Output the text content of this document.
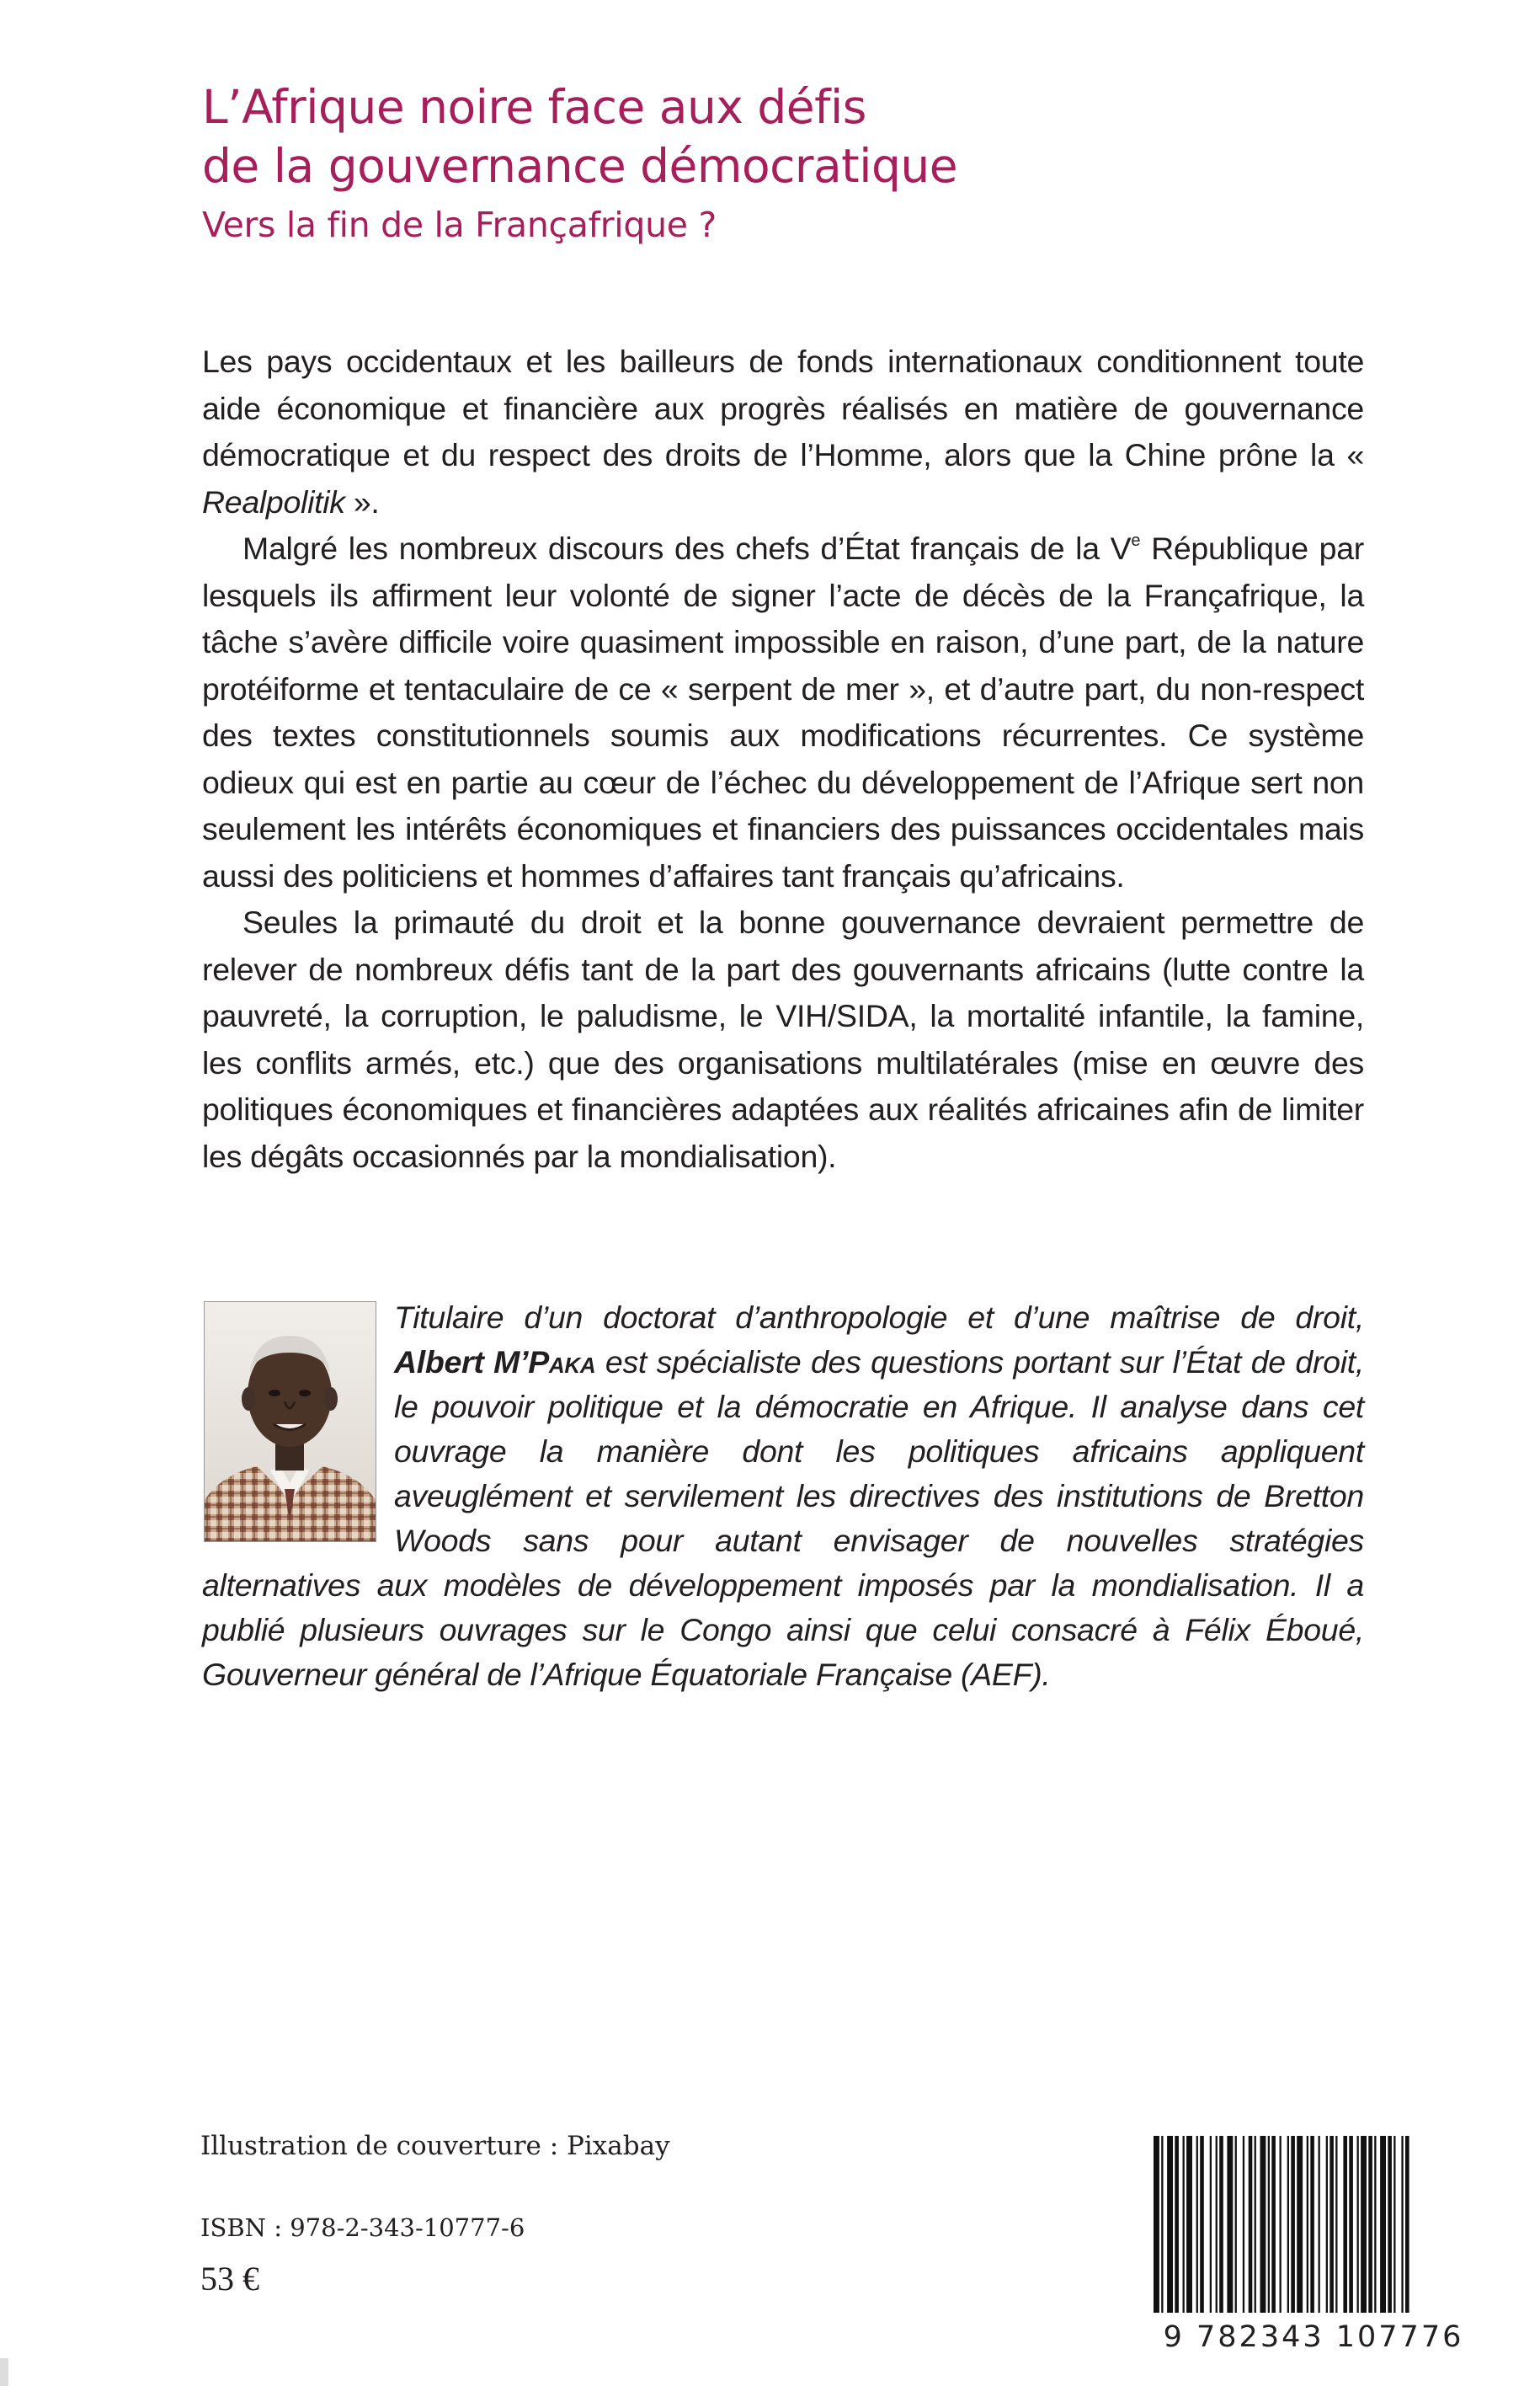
L’Afrique noire face aux défis

de la gouvernance démocratique

Vers la fin de la Françafrique ?

Les pays occidentaux et les bailleurs de fonds internationaux conditionnent toute aide économique et financière aux progrès réalisés en matière de gouvernance démocratique et du respect des droits de l’Homme, alors que la Chine prône la « Realpolitik ».

Malgré les nombreux discours des chefs d’État français de la Ve République par lesquels ils affirment leur volonté de signer l’acte de décès de la Françafrique, la tâche s’avère difficile voire quasiment impossible en raison, d’une part, de la nature protéiforme et tentaculaire de ce « serpent de mer », et d’autre part, du non-respect des textes constitutionnels soumis aux modifications récurrentes. Ce système odieux qui est en partie au cœur de l’échec du développement de l’Afrique sert non seulement les intérêts économiques et financiers des puissances occidentales mais aussi des politiciens et hommes d’affaires tant français qu’africains.

Seules la primauté du droit et la bonne gouvernance devraient permettre de relever de nombreux défis tant de la part des gouvernants africains (lutte contre la pauvreté, la corruption, le paludisme, le VIH/SIDA, la mortalité infantile, la famine, les conflits armés, etc.) que des organisations multilatérales (mise en œuvre des politiques économiques et financières adaptées aux réalités africaines afin de limiter les dégâts occasionnés par la mondialisation).

Titulaire d’un doctorat d’anthropologie et d’une maîtrise de droit, Albert M’Paka est spécialiste des questions portant sur l’État de droit, le pouvoir politique et la démocratie en Afrique. Il analyse dans cet ouvrage la manière dont les politiques africains appliquent aveuglément et servilement les directives des institutions de Bretton Woods sans pour autant envisager de nouvelles stratégies alternatives aux modèles de développement imposés par la mondialisation. Il a publié plusieurs ouvrages sur le Congo ainsi que celui consacré à Félix Éboué, Gouverneur général de l’Afrique Équatoriale Française (AEF).

Illustration de couverture : Pixabay

ISBN : 978-2-343-10777-6

53 €

9 782343 107776
